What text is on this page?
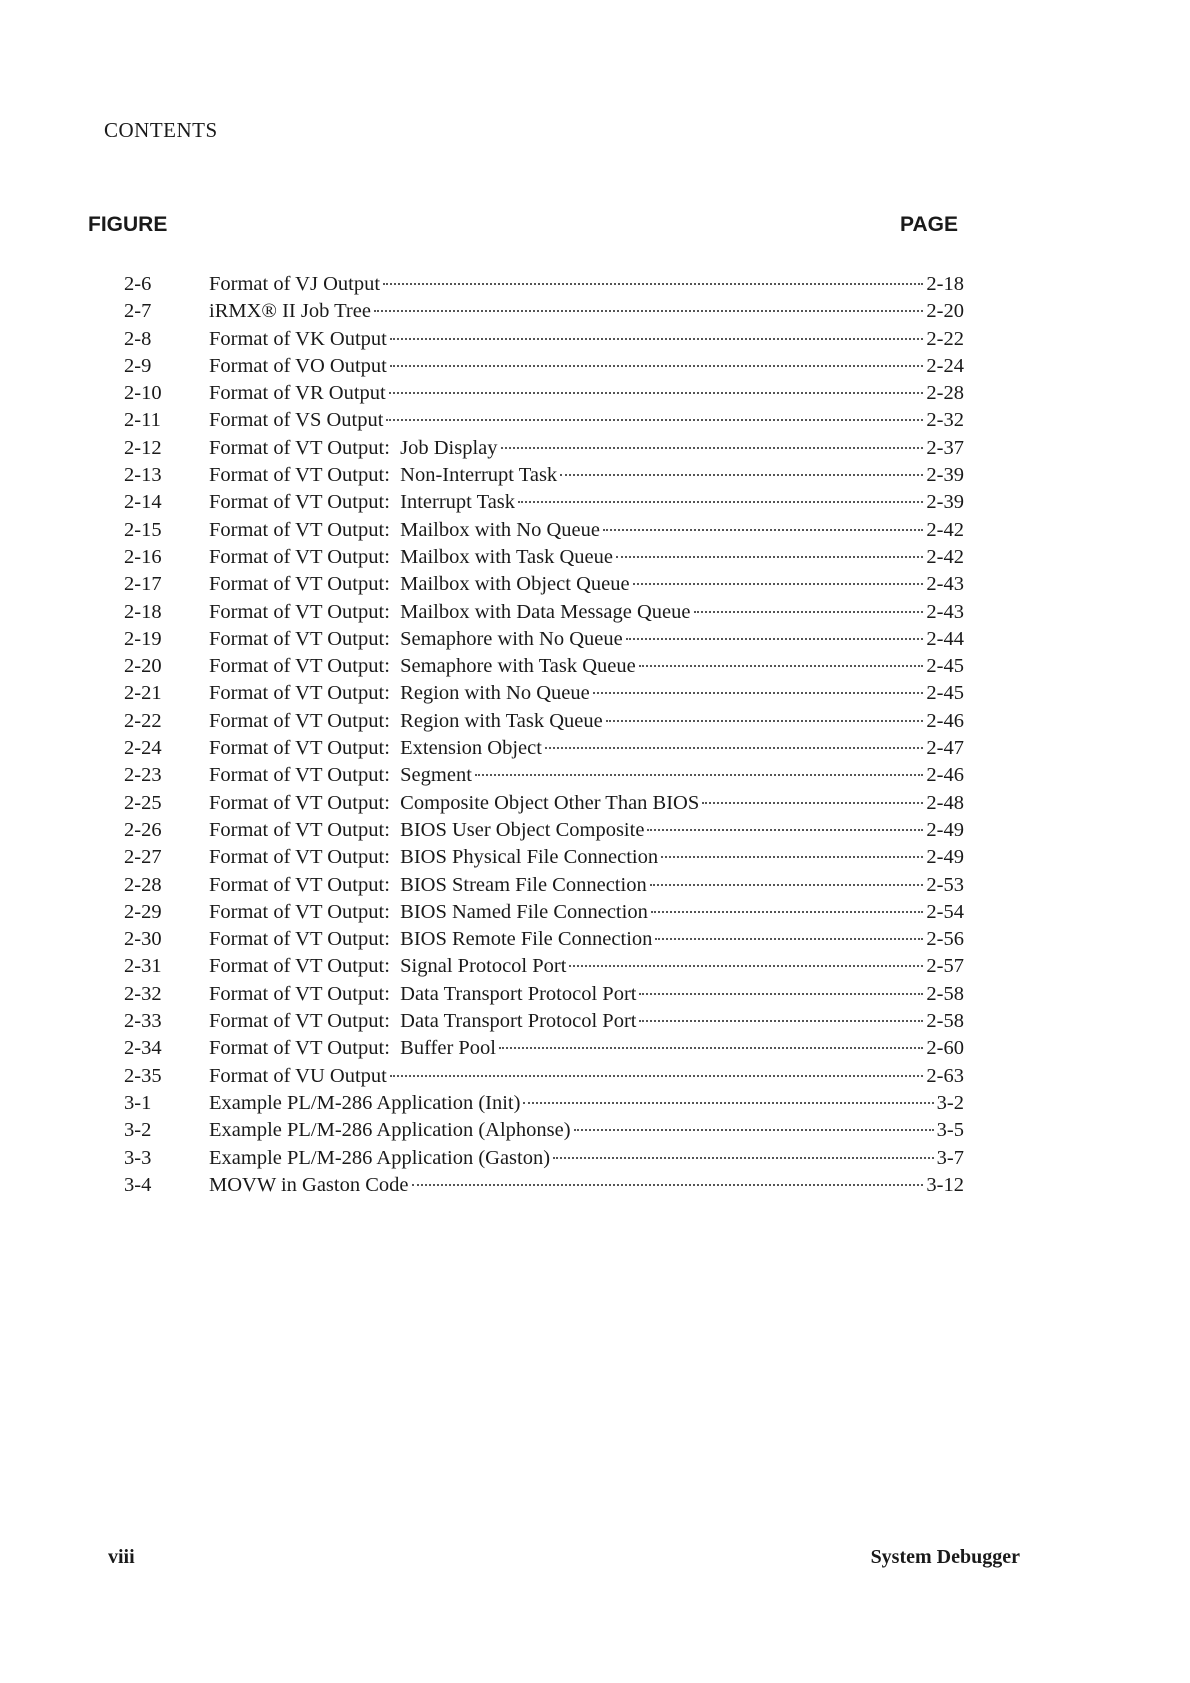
CONTENTS
FIGURE	PAGE
2-6	Format of VJ Output	2-18
2-7	iRMX® II Job Tree	2-20
2-8	Format of VK Output	2-22
2-9	Format of VO Output	2-24
2-10	Format of VR Output	2-28
2-11	Format of VS Output	2-32
2-12	Format of VT Output:  Job Display	2-37
2-13	Format of VT Output:  Non-Interrupt Task	2-39
2-14	Format of VT Output:  Interrupt Task	2-39
2-15	Format of VT Output:  Mailbox with No Queue	2-42
2-16	Format of VT Output:  Mailbox with Task Queue	2-42
2-17	Format of VT Output:  Mailbox with Object Queue	2-43
2-18	Format of VT Output:  Mailbox with Data Message Queue	2-43
2-19	Format of VT Output:  Semaphore with No Queue	2-44
2-20	Format of VT Output:  Semaphore with Task Queue	2-45
2-21	Format of VT Output:  Region with No Queue	2-45
2-22	Format of VT Output:  Region with Task Queue	2-46
2-24	Format of VT Output:  Extension Object	2-47
2-23	Format of VT Output:  Segment	2-46
2-25	Format of VT Output:  Composite Object Other Than BIOS	2-48
2-26	Format of VT Output:  BIOS User Object Composite	2-49
2-27	Format of VT Output:  BIOS Physical File Connection	2-49
2-28	Format of VT Output:  BIOS Stream File Connection	2-53
2-29	Format of VT Output:  BIOS Named File Connection	2-54
2-30	Format of VT Output:  BIOS Remote File Connection	2-56
2-31	Format of VT Output:  Signal Protocol Port	2-57
2-32	Format of VT Output:  Data Transport Protocol Port	2-58
2-33	Format of VT Output:  Data Transport Protocol Port	2-58
2-34	Format of VT Output:  Buffer Pool	2-60
2-35	Format of VU Output	2-63
3-1	Example PL/M-286 Application (Init)	3-2
3-2	Example PL/M-286 Application (Alphonse)	3-5
3-3	Example PL/M-286 Application (Gaston)	3-7
3-4	MOVW in Gaston Code	3-12
viii	System Debugger
